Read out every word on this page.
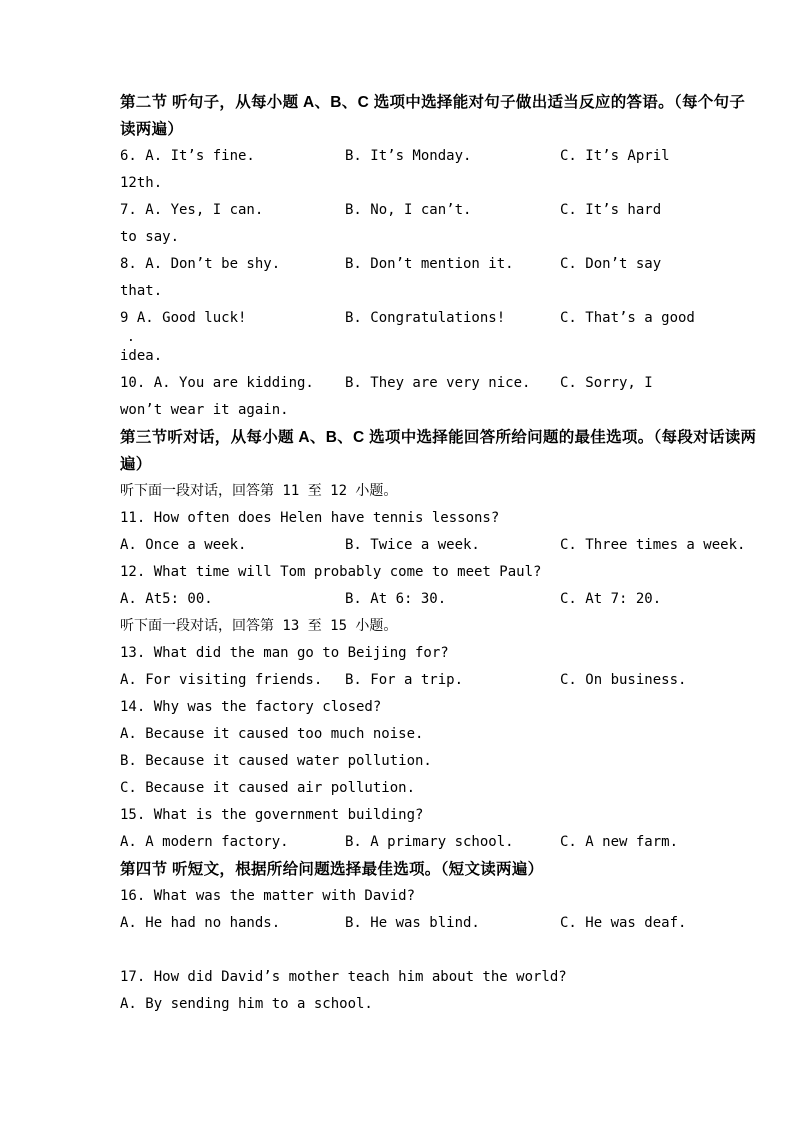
第二节 听句子，从每小题 A、B、C 选项中选择能对句子做出适当反应的答语。（每个句子
读两遍）
6. A. It’s fine.	B. It’s Monday.	C. It’s April
12th.
7. A. Yes, I can.	B. No, I can’t.	C. It’s hard
to say.
8. A. Don’t be shy.	B. Don’t mention it.	C. Don’t say
that.
9 A. Good luck!	B. Congratulations!	C. That’s a good
.
idea.
10. A. You are kidding.	B. They are very nice.	C. Sorry, I
won’t wear it again.
第三节听对话，从每小题 A、B、C 选项中选择能回答所给问题的最佳选项。（每段对话读两
遍）
听下面一段对话，回答第 11 至 12 小题。
11. How often does Helen have tennis lessons?
A. Once a week.	B. Twice a week.	C. Three times a week.
12. What time will Tom probably come to meet Paul?
A. At5: 00.	B. At 6: 30.	C. At 7: 20.
听下面一段对话，回答第 13 至 15 小题。
13. What did the man go to Beijing for?
A. For visiting friends.	B. For a trip.	C. On business.
14. Why was the factory closed?
A. Because it caused too much noise.
B. Because it caused water pollution.
C. Because it caused air pollution.
15. What is the government building?
A. A modern factory.	B. A primary school.	C. A new farm.
第四节 听短文，根据所给问题选择最佳选项。（短文读两遍）
16. What was the matter with David?
A. He had no hands.	B. He was blind.	C. He was deaf.
17. How did David’s mother teach him about the world?
A. By sending him to a school.
